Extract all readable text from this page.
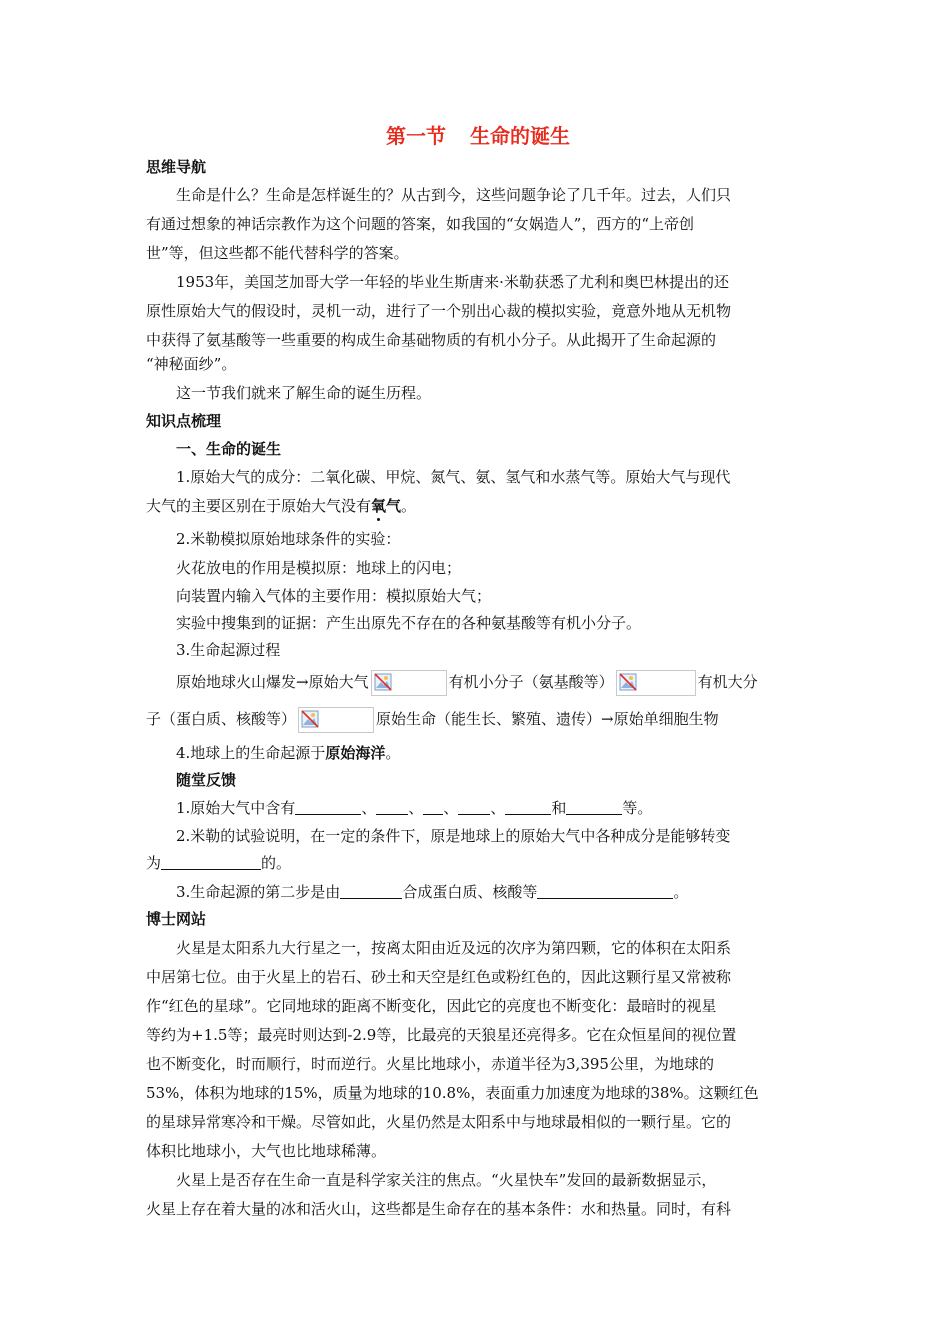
第一节 生命的诞生
思维导航
生命是什么？生命是怎样诞生的？从古到今，这些问题争论了几千年。过去，人们只
有通过想象的神话宗教作为这个问题的答案，如我国的“女娲造人”，西方的“上帝创
世”等，但这些都不能代替科学的答案。
1953年，美国芝加哥大学一年轻的毕业生斯唐来·米勒获悉了尤利和奥巴林提出的还
原性原始大气的假设时，灵机一动，进行了一个别出心裁的模拟实验，竟意外地从无机物
中获得了氨基酸等一些重要的构成生命基础物质的有机小分子。从此揭开了生命起源的
“神秘面纱”。
这一节我们就来了解生命的诞生历程。
知识点梳理
一、生命的诞生
1.原始大气的成分：二氧化碳、甲烷、氮气、氨、氢气和水蒸气等。原始大气与现代
大气的主要区别在于原始大气没有氧气。
2.米勒模拟原始地球条件的实验：
火花放电的作用是模拟原：地球上的闪电；
向装置内输入气体的主要作用：模拟原始大气；
实验中搜集到的证据：产生出原先不存在的各种氨基酸等有机小分子。
3.生命起源过程
原始地球火山爆发→原始大气	有机小分子（氨基酸等）	有机大分
子（蛋白质、核酸等）	原始生命（能生长、繁殖、遗传）→原始单细胞生物
4.地球上的生命起源于原始海洋。
随堂反馈
1.原始大气中含有	、 、 、 、	和	等。
2.米勒的试验说明，在一定的条件下，原是地球上的原始大气中各种成分是能够转变
为	的。
3.生命起源的第二步是由	合成蛋白质、核酸等	。
博士网站
火星是太阳系九大行星之一，按离太阳由近及远的次序为第四颗，它的体积在太阳系
中居第七位。由于火星上的岩石、砂土和天空是红色或粉红色的，因此这颗行星又常被称
作“红色的星球”。它同地球的距离不断变化，因此它的亮度也不断变化：最暗时的视星
等约为+1.5等；最亮时则达到-2.9等，比最亮的天狼星还亮得多。它在众恒星间的视位置
也不断变化，时而顺行，时而逆行。火星比地球小，赤道半径为3,395公里，为地球的
53%，体积为地球的15%，质量为地球的10.8%，表面重力加速度为地球的38%。这颗红色
的星球异常寒冷和干燥。尽管如此，火星仍然是太阳系中与地球最相似的一颗行星。它的
体积比地球小，大气也比地球稀薄。
火星上是否存在生命一直是科学家关注的焦点。“火星快车”发回的最新数据显示，
火星上存在着大量的冰和活火山，这些都是生命存在的基本条件：水和热量。同时，有科
